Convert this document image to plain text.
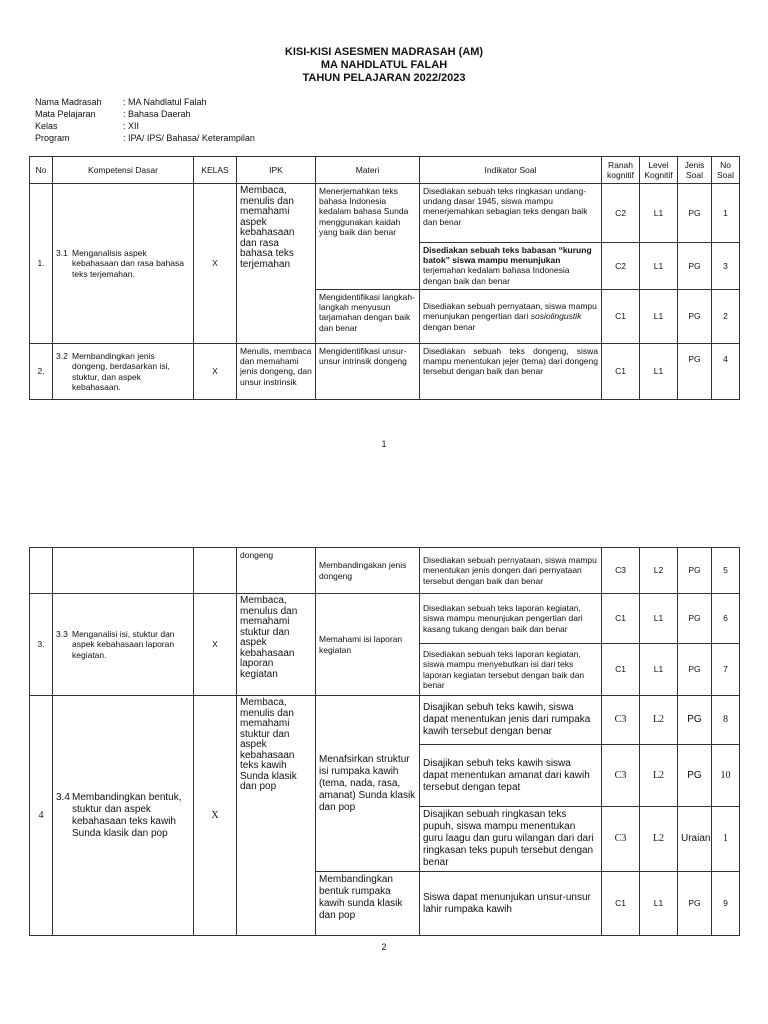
KISI-KISI ASESMEN MADRASAH (AM)
MA NAHDLATUL FALAH
TAHUN PELAJARAN 2022/2023
Nama Madrasah : MA Nahdlatul Falah
Mata Pelajaran	: Bahasa Daerah
Kelas	: XII
Program	: IPA/ IPS/ Bahasa/ Keterampilan
No	Kompetensi Dasar	KELAS	IPK	Materi	Indikator Soal	Ranah kognitif	Level Kognitif	Jenis Soal	No Soal
1.	3.1 Menganalisis aspek kebahasaan dan rasa bahasa teks terjemahan.	X	Membaca, menulis dan memahami aspek kebahasaan dan rasa bahasa teks terjemahan	Menerjemahkan teks bahasa Indonesia kedalam bahasa Sunda menggunakan kaidah yang baik dan benar	Disediakan sebuah teks ringkasan undang-undang dasar 1945, siswa mampu menerjemahkan sebagian teks dengan baik dan benar	C2	L1	PG	1
					Disediakan sebuah teks babasan “kurung batok” siswa mampu menunjukan terjemahan kedalam bahasa Indonesia dengan baik dan benar	C2	L1	PG	3
				Mengidentifikasi langkah-langkah menyusun tarjamahan dengan baik dan benar	Disediakan sebuah pernyataan, siswa mampu menunjukan pengertian dari sosiolingustik dengan benar	C1	L1	PG	2
2.	3.2 Membandingkan jenis dongeng, berdasarkan isi, stuktur, dan aspek kebahasaan.	X	Menulis, membaca dan memahami jenis dongeng, dan unsur instrinsik	Mengidentifikasi unsur-unsur intrinsik dongeng	Disediakan sebuah teks dongeng, siswa mampu menentukan jejer (tema) dari dongeng tersebut dengan baik dan benar	C1	L1	PG	4
1
			dongeng	Membandingakan jenis dongeng	Disediakan sebuah pernyataan, siswa mampu menentukan jenis dongen dari pernyataan tersebut dengan baik dan benar	C3	L2	PG	5
3.	3.3 Menganalisi isi, stuktur dan aspek kebahasaan laporan kegiatan.	X	Membaca, menulus dan memahami stuktur dan aspek kebahasaan laporan kegiatan	Memahami isi laporan kegiatan	Disediakan sebuah teks laporan kegiatan, siswa mampu menunjukan pengertian dari kasang tukang dengan baik dan benar	C1	L1	PG	6
					Disediakan sebuah teks laporan kegiatan, siswa mampu menyebutkan isi dari teks laporan kegiatan tersebut dengan baik dan benar	C1	L1	PG	7
4	3.4 Membandingkan bentuk, stuktur dan aspek kebahasaan teks kawih Sunda klasik dan pop	X	Membaca, menulis dan memahami stuktur dan aspek kebahasaan teks kawih Sunda klasik dan pop	Menafsirkan struktur isi rumpaka kawih (tema, nada, rasa, amanat) Sunda klasik dan pop	Disajikan sebuh teks kawih, siswa dapat menentukan jenis dari rumpaka kawih tersebut dengan benar	C3	L2	PG	8
					Disajikan sebuh teks kawih siswa dapat menentukan amanat dari kawih tersebut dengan tepat	C3	L2	PG	10
					Disajikan sebuah ringkasan teks pupuh, siswa mampu menentukan guru laagu dan guru wilangan dari dari ringkasan teks pupuh tersebut dengan benar	C3	L2	Uraian	1
				Membandingkan bentuk rumpaka kawih sunda klasik dan pop	Siswa dapat menunjukan unsur-unsur lahir rumpaka kawih	C1	L1	PG	9
2
